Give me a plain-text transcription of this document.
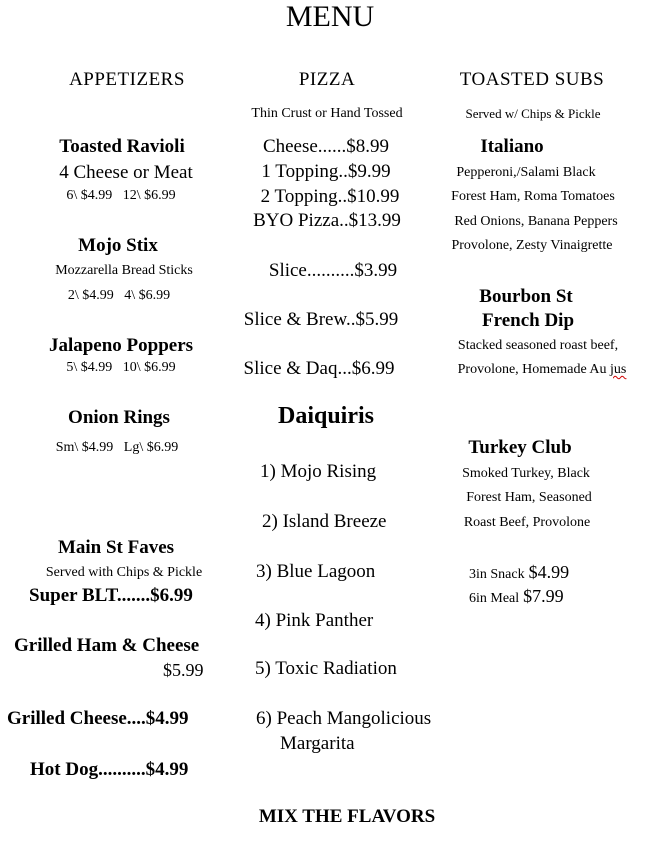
MENU
APPETIZERS
Toasted Ravioli
4 Cheese or Meat
6\ $4.99   12\ $6.99
Mojo Stix
Mozzarella Bread Sticks
2\ $4.99   4\ $6.99
Jalapeno Poppers
5\ $4.99   10\ $6.99
Onion Rings
Sm\ $4.99   Lg\ $6.99
Main St Faves
Served with Chips & Pickle
Super BLT.......$6.99
Grilled Ham & Cheese
$5.99
Grilled Cheese....$4.99
Hot Dog..........$4.99
PIZZA
Thin Crust or Hand Tossed
Cheese......$8.99
1 Topping..$9.99
2 Topping..$10.99
BYO Pizza..$13.99
Slice..........$3.99
Slice & Brew..$5.99
Slice & Daq...$6.99
Daiquiris
1) Mojo Rising
2) Island Breeze
3) Blue Lagoon
4) Pink Panther
5) Toxic Radiation
6) Peach Mangolicious
Margarita
TOASTED SUBS
Served w/ Chips & Pickle
Italiano
Pepperoni,/Salami Black
Forest Ham, Roma Tomatoes
Red Onions, Banana Peppers
Provolone, Zesty Vinaigrette
Bourbon St
French Dip
Stacked seasoned roast beef,
Provolone, Homemade Au jus
Turkey Club
Smoked Turkey, Black
Forest Ham, Seasoned
Roast Beef, Provolone
3in Snack $4.99
6in Meal $7.99
MIX THE FLAVORS
